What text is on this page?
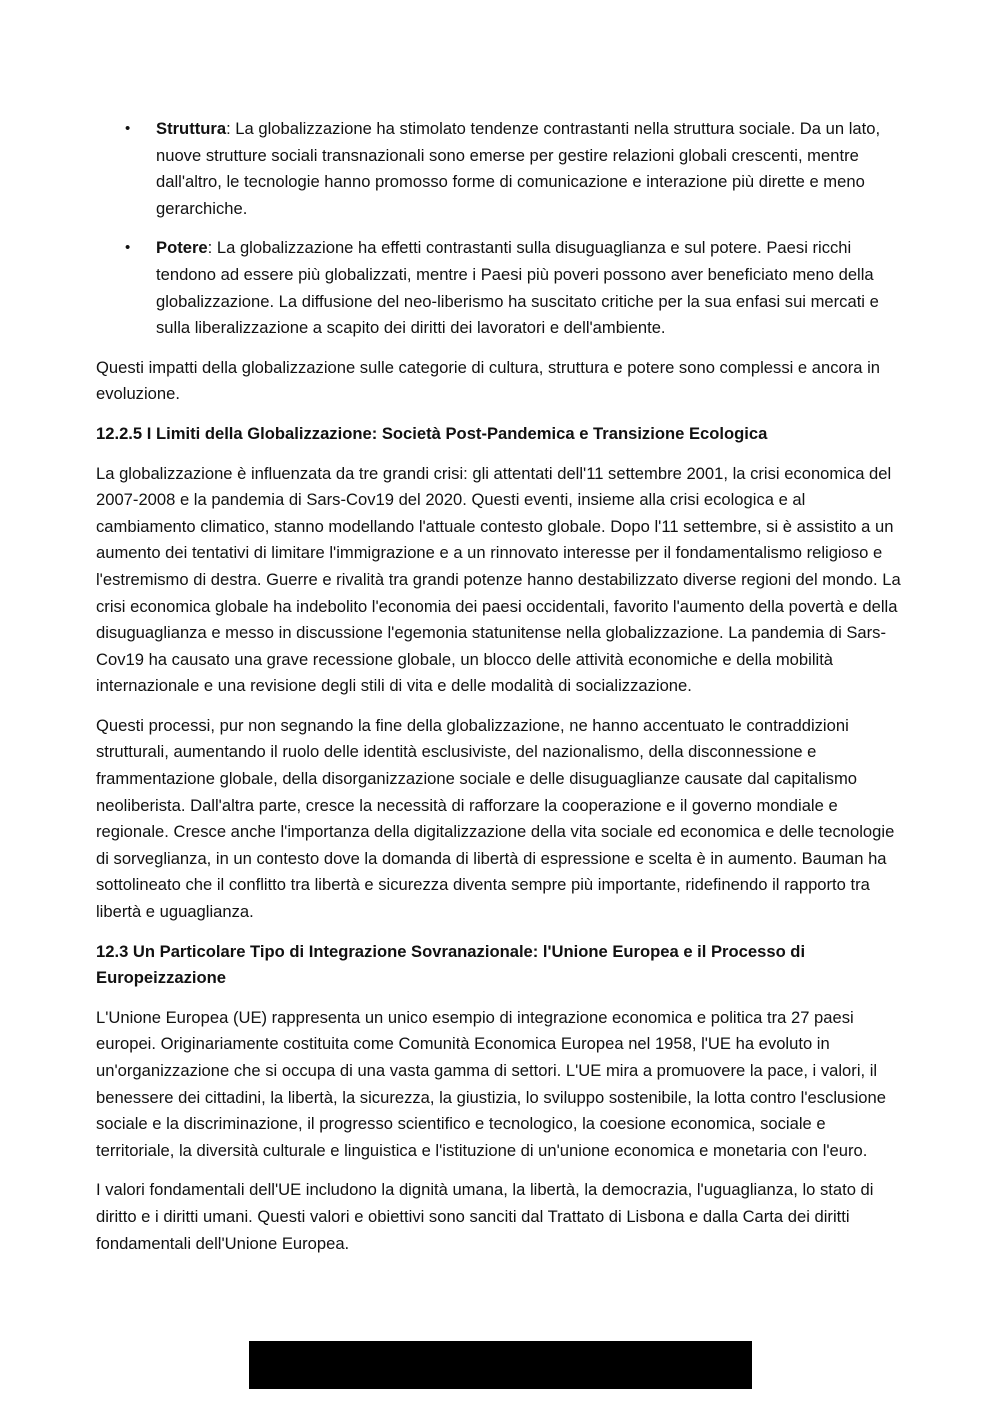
• Struttura: La globalizzazione ha stimolato tendenze contrastanti nella struttura sociale. Da un lato, nuove strutture sociali transnazionali sono emerse per gestire relazioni globali crescenti, mentre dall'altro, le tecnologie hanno promosso forme di comunicazione e interazione più dirette e meno gerarchiche.
• Potere: La globalizzazione ha effetti contrastanti sulla disuguaglianza e sul potere. Paesi ricchi tendono ad essere più globalizzati, mentre i Paesi più poveri possono aver beneficiato meno della globalizzazione. La diffusione del neo-liberismo ha suscitato critiche per la sua enfasi sui mercati e sulla liberalizzazione a scapito dei diritti dei lavoratori e dell'ambiente.

Questi impatti della globalizzazione sulle categorie di cultura, struttura e potere sono complessi e ancora in evoluzione.

12.2.5 I Limiti della Globalizzazione: Società Post-Pandemica e Transizione Ecologica

La globalizzazione è influenzata da tre grandi crisi: gli attentati dell'11 settembre 2001, la crisi economica del 2007-2008 e la pandemia di Sars-Cov19 del 2020. Questi eventi, insieme alla crisi ecologica e al cambiamento climatico, stanno modellando l'attuale contesto globale. Dopo l'11 settembre, si è assistito a un aumento dei tentativi di limitare l'immigrazione e a un rinnovato interesse per il fondamentalismo religioso e l'estremismo di destra. Guerre e rivalità tra grandi potenze hanno destabilizzato diverse regioni del mondo. La crisi economica globale ha indebolito l'economia dei paesi occidentali, favorito l'aumento della povertà e della disuguaglianza e messo in discussione l'egemonia statunitense nella globalizzazione. La pandemia di Sars-Cov19 ha causato una grave recessione globale, un blocco delle attività economiche e della mobilità internazionale e una revisione degli stili di vita e delle modalità di socializzazione.

Questi processi, pur non segnando la fine della globalizzazione, ne hanno accentuato le contraddizioni strutturali, aumentando il ruolo delle identità esclusiviste, del nazionalismo, della disconnessione e frammentazione globale, della disorganizzazione sociale e delle disuguaglianze causate dal capitalismo neoliberista. Dall'altra parte, cresce la necessità di rafforzare la cooperazione e il governo mondiale e regionale. Cresce anche l'importanza della digitalizzazione della vita sociale ed economica e delle tecnologie di sorveglianza, in un contesto dove la domanda di libertà di espressione e scelta è in aumento. Bauman ha sottolineato che il conflitto tra libertà e sicurezza diventa sempre più importante, ridefinendo il rapporto tra libertà e uguaglianza.

12.3 Un Particolare Tipo di Integrazione Sovranazionale: l'Unione Europea e il Processo di Europeizzazione

L'Unione Europea (UE) rappresenta un unico esempio di integrazione economica e politica tra 27 paesi europei. Originariamente costituita come Comunità Economica Europea nel 1958, l'UE ha evoluto in un'organizzazione che si occupa di una vasta gamma di settori. L'UE mira a promuovere la pace, i valori, il benessere dei cittadini, la libertà, la sicurezza, la giustizia, lo sviluppo sostenibile, la lotta contro l'esclusione sociale e la discriminazione, il progresso scientifico e tecnologico, la coesione economica, sociale e territoriale, la diversità culturale e linguistica e l'istituzione di un'unione economica e monetaria con l'euro.

I valori fondamentali dell'UE includono la dignità umana, la libertà, la democrazia, l'uguaglianza, lo stato di diritto e i diritti umani. Questi valori e obiettivi sono sanciti dal Trattato di Lisbona e dalla Carta dei diritti fondamentali dell'Unione Europea.
